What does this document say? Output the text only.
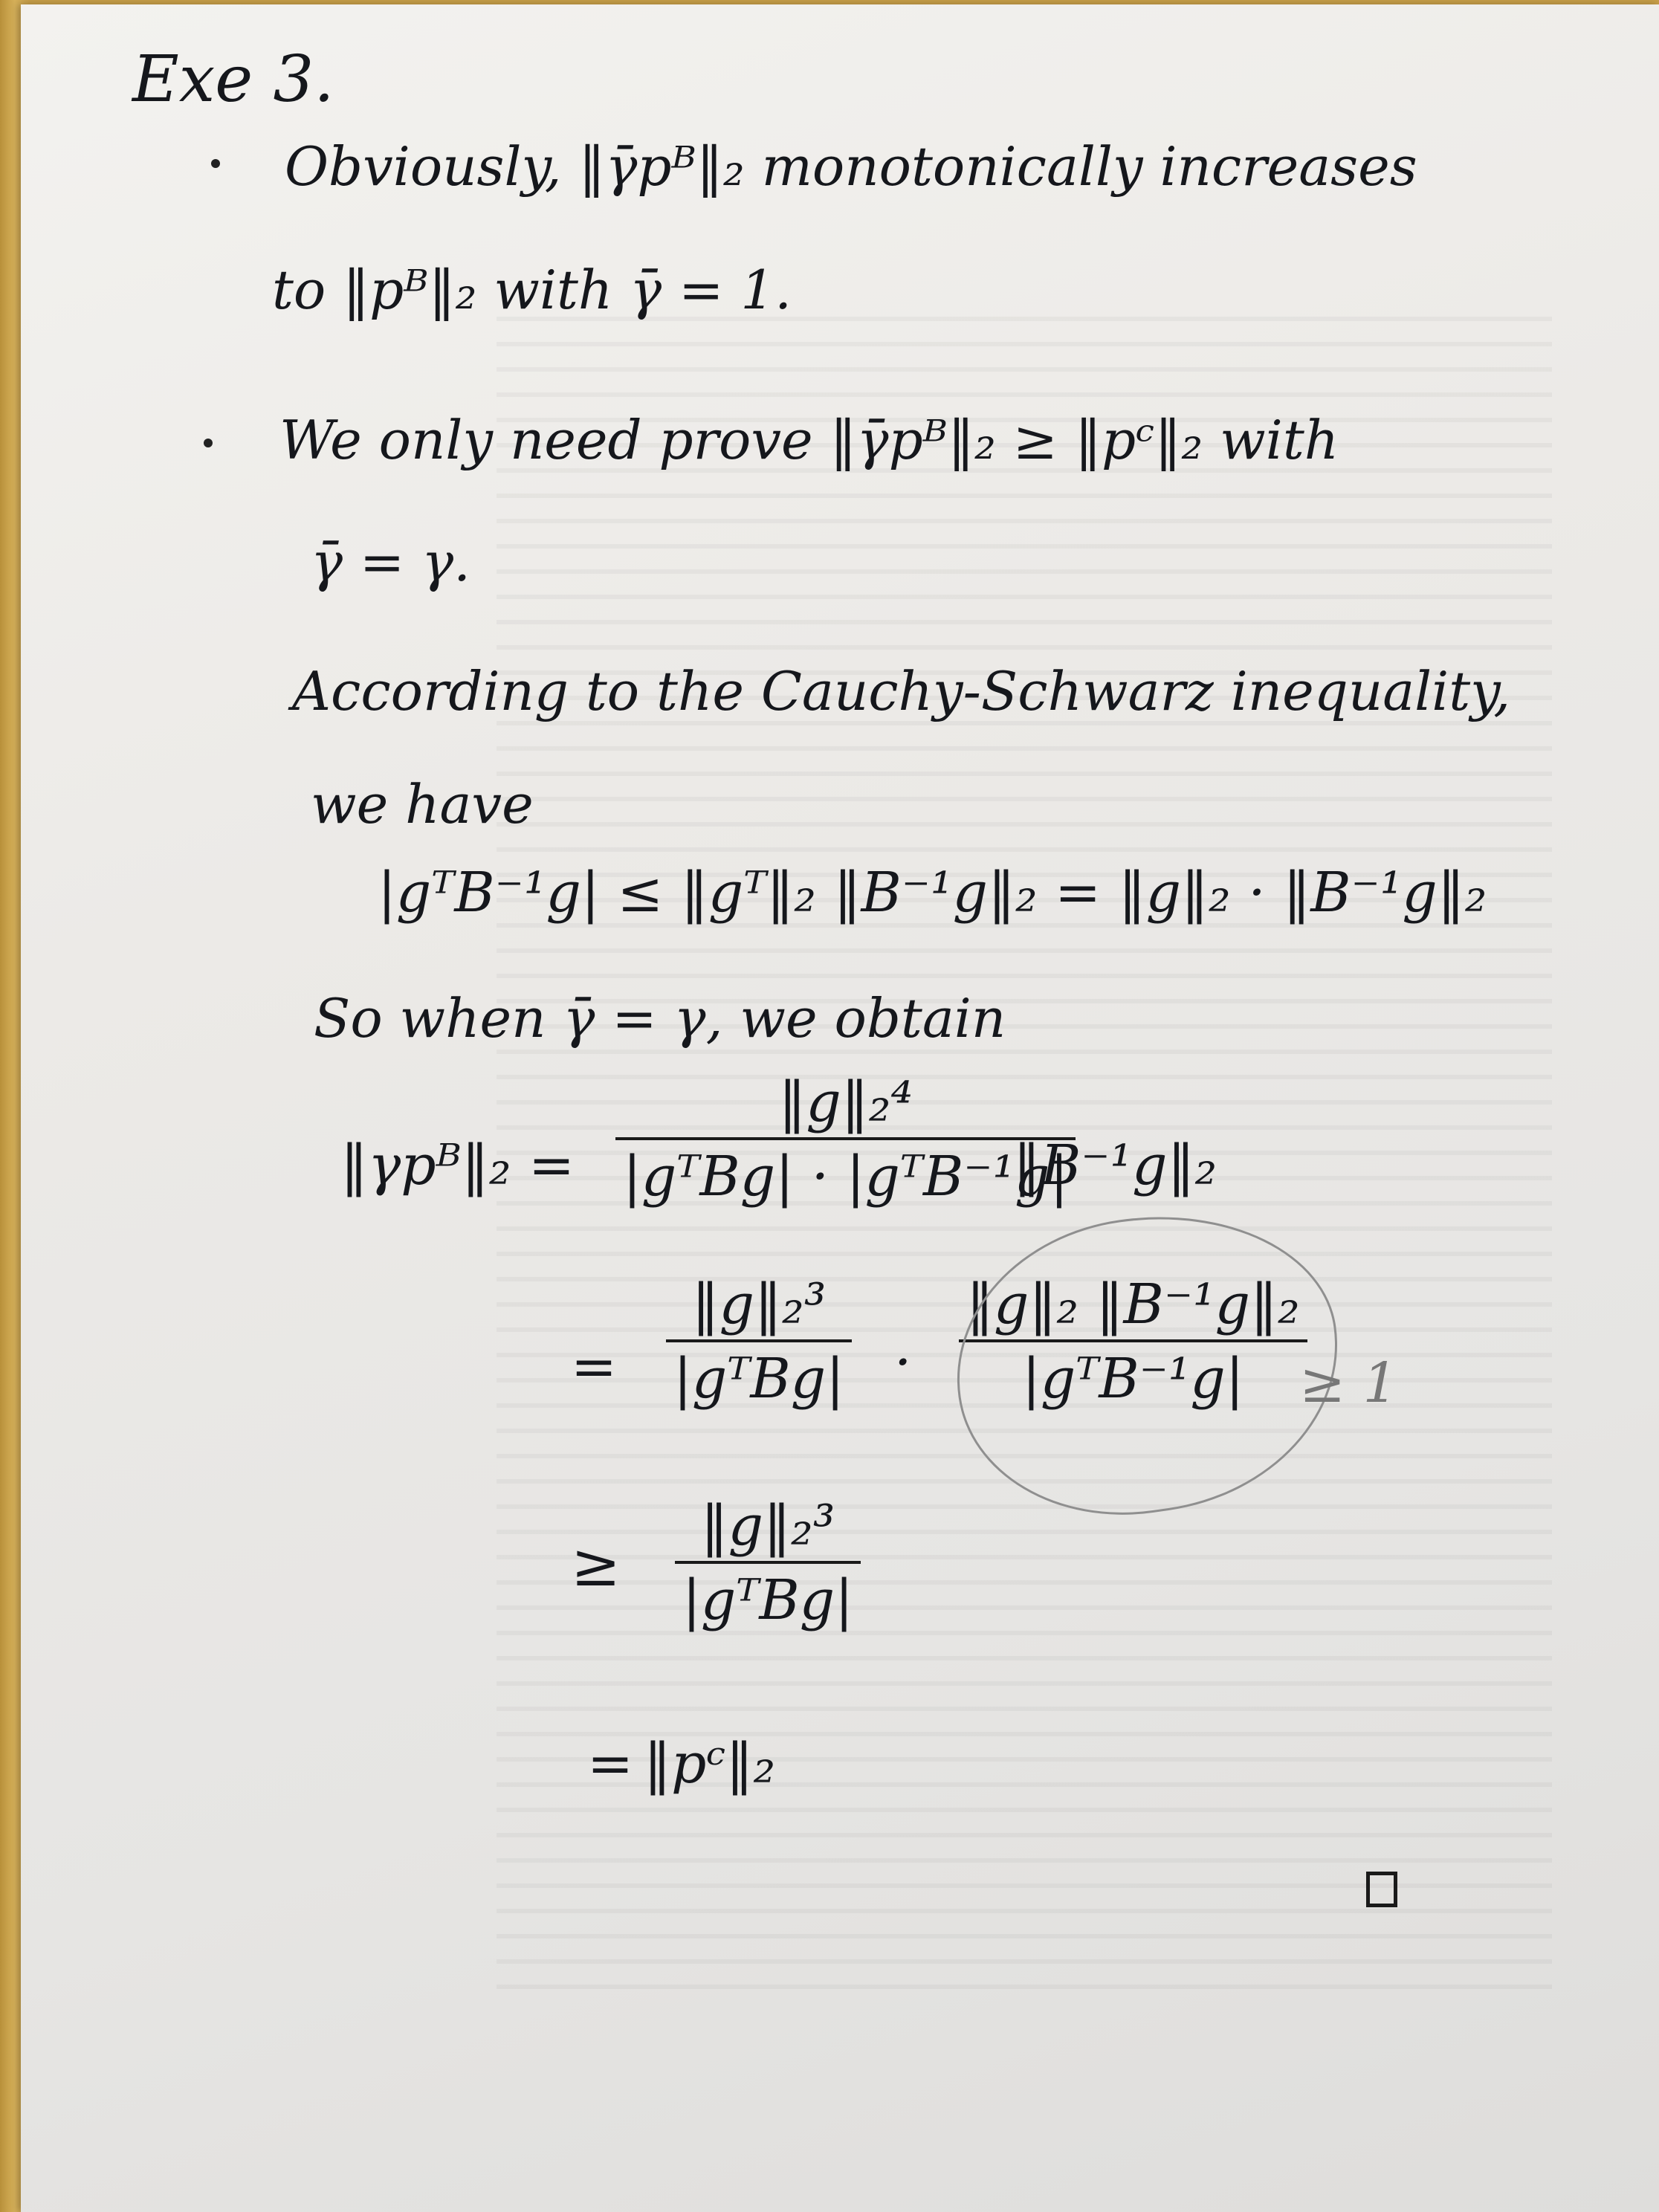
Exe 3.
Obviously, ‖γ̄pᴮ‖₂ monotonically increases
to ‖pᴮ‖₂ with γ̄ = 1.
We only need prove ‖γ̄pᴮ‖₂ ≥ ‖pᶜ‖₂ with
γ̄ = γ.
According to the Cauchy-Schwarz inequality,
we have
|gᵀB⁻¹g| ≤ ‖gᵀ‖₂ ‖B⁻¹g‖₂ = ‖g‖₂ · ‖B⁻¹g‖₂
So when γ̄ = γ, we obtain
‖γpᴮ‖₂ =
‖g‖₂⁴
|gᵀBg| · |gᵀB⁻¹g|
‖B⁻¹g‖₂
=
‖g‖₂³
|gᵀBg| ·
‖g‖₂ ‖B⁻¹g‖₂
|gᵀB⁻¹g|	≥ 1
≥
‖g‖₂³
|gᵀBg|
= ‖pᶜ‖₂
